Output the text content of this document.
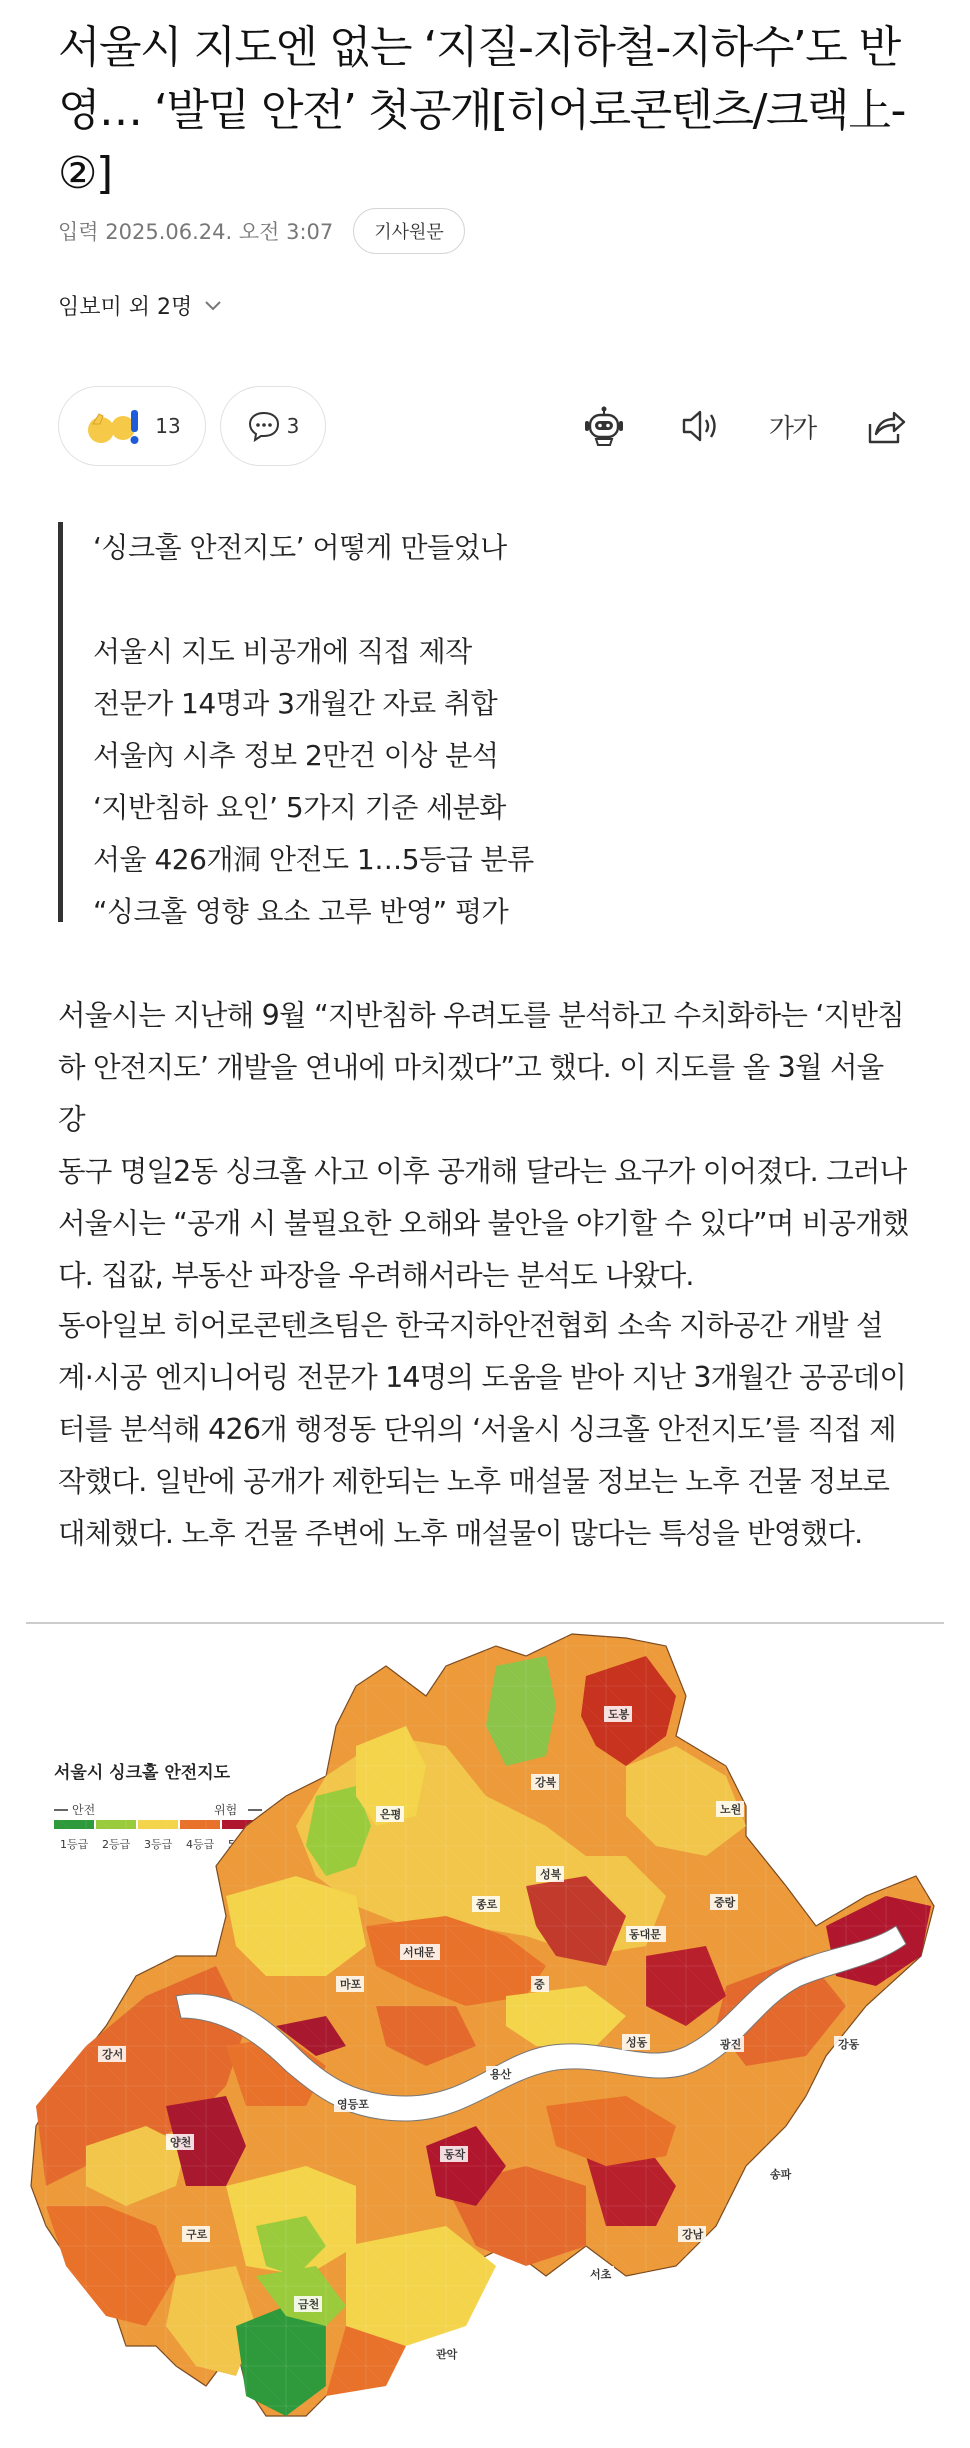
서울시 지도엔 없는 ‘지질-지하철-지하수’도 반영… ‘발밑 안전’ 첫공개[히어로콘텐츠/크랙上-②]
입력 2025.06.24. 오전 3:07	기사원문
임보미 외 2명
13	3	가가
‘싱크홀 안전지도’ 어떻게 만들었나

서울시 지도 비공개에 직접 제작
전문가 14명과 3개월간 자료 취합
서울內 시추 정보 2만건 이상 분석
‘지반침하 요인’ 5가지 기준 세분화
서울 426개洞 안전도 1…5등급 분류
“싱크홀 영향 요소 고루 반영” 평가
서울시는 지난해 9월 “지반침하 우려도를 분석하고 수치화하는 ‘지반침
하 안전지도’ 개발을 연내에 마치겠다”고 했다. 이 지도를 올 3월 서울 강
동구 명일2동 싱크홀 사고 이후 공개해 달라는 요구가 이어졌다. 그러나
서울시는 “공개 시 불필요한 오해와 불안을 야기할 수 있다”며 비공개했
다. 집값, 부동산 파장을 우려해서라는 분석도 나왔다.
동아일보 히어로콘텐츠팀은 한국지하안전협회 소속 지하공간 개발 설
계·시공 엔지니어링 전문가 14명의 도움을 받아 지난 3개월간 공공데이
터를 분석해 426개 행정동 단위의 ‘서울시 싱크홀 안전지도’를 직접 제
작했다. 일반에 공개가 제한되는 노후 매설물 정보는 노후 건물 정보로
대체했다. 노후 건물 주변에 노후 매설물이 많다는 특성을 반영했다.
도봉
강북
노원
은평
성북
종로	중랑
동대문
서대문
마포	중
광진
성동
용산
강서
강동
영등포
양천
송파
강남
동작
구로
금천
관악
서초
